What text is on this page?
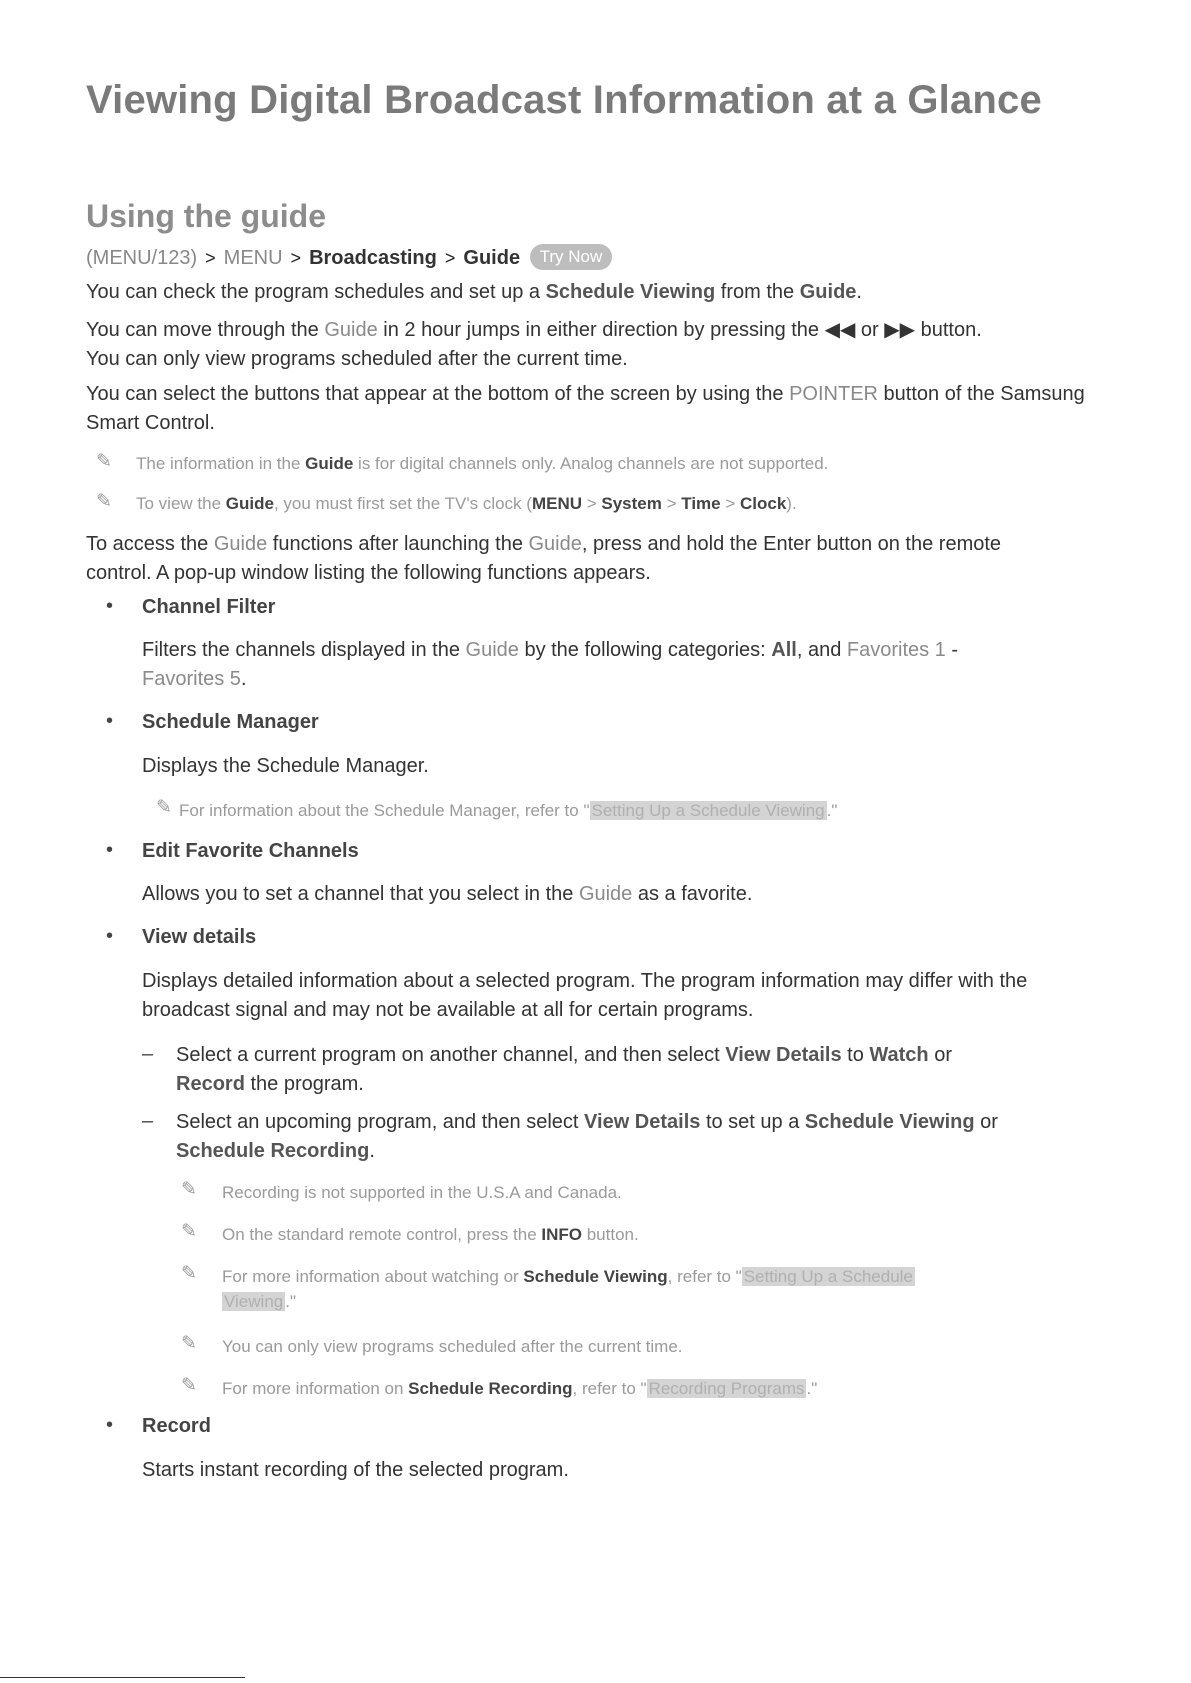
Viewing Digital Broadcast Information at a Glance
Using the guide
(MENU/123) > MENU > Broadcasting > Guide Try Now
You can check the program schedules and set up a Schedule Viewing from the Guide.
You can move through the Guide in 2 hour jumps in either direction by pressing the ◀◀ or ▶▶ button.
You can only view programs scheduled after the current time.
You can select the buttons that appear at the bottom of the screen by using the POINTER button of the Samsung Smart Control.
✎ The information in the Guide is for digital channels only. Analog channels are not supported.
✎ To view the Guide, you must first set the TV's clock (MENU > System > Time > Clock).
To access the Guide functions after launching the Guide, press and hold the Enter button on the remote control. A pop-up window listing the following functions appears.
• Channel Filter
Filters the channels displayed in the Guide by the following categories: All, and Favorites 1 -
Favorites 5.
• Schedule Manager
Displays the Schedule Manager.
✎ For information about the Schedule Manager, refer to " Setting Up a Schedule Viewing ."
• Edit Favorite Channels
Allows you to set a channel that you select in the Guide as a favorite.
• View details
Displays detailed information about a selected program. The program information may differ with the broadcast signal and may not be available at all for certain programs.
– Select a current program on another channel, and then select View Details to Watch or
Record the program.
– Select an upcoming program, and then select View Details to set up a Schedule Viewing or
Schedule Recording.
✎ Recording is not supported in the U.S.A and Canada.
✎ On the standard remote control, press the INFO button.
✎ For more information about watching or Schedule Viewing, refer to " Setting Up a Schedule
Viewing ."
✎ You can only view programs scheduled after the current time.
✎ For more information on Schedule Recording, refer to " Recording Programs ."
• Record
Starts instant recording of the selected program.
